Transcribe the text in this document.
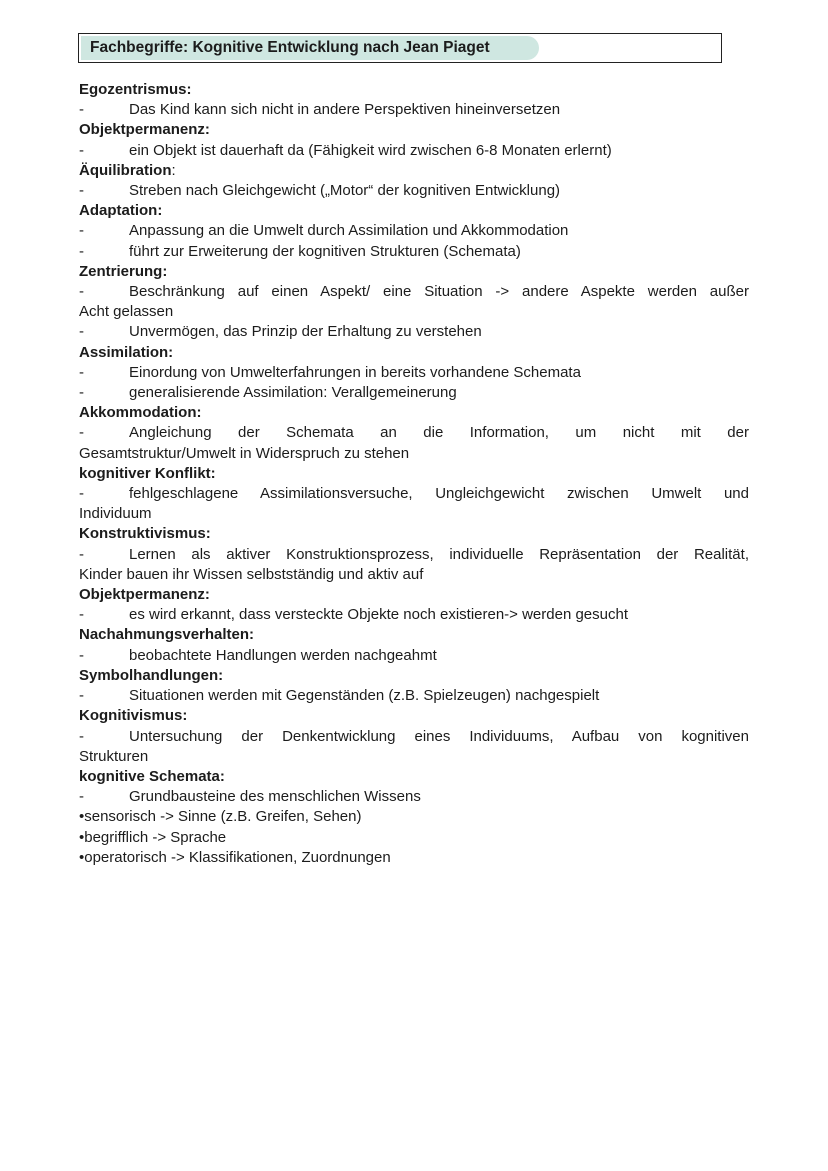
Fachbegriffe: Kognitive Entwicklung nach Jean Piaget
Egozentrismus:
-	Das Kind kann sich nicht in andere Perspektiven hineinversetzen
Objektpermanenz:
-	ein Objekt ist dauerhaft da (Fähigkeit wird zwischen 6-8 Monaten erlernt)
Äquilibration:
-	Streben nach Gleichgewicht („Motor“ der kognitiven Entwicklung)
Adaptation:
-	Anpassung an die Umwelt durch Assimilation und Akkommodation
-	führt zur Erweiterung der kognitiven Strukturen (Schemata)
Zentrierung:
-	Beschränkung auf einen Aspekt/ eine Situation -> andere Aspekte werden außer
Acht gelassen
-	Unvermögen, das Prinzip der Erhaltung zu verstehen
Assimilation:
-	Einordung von Umwelterfahrungen in bereits vorhandene Schemata
-	generalisierende Assimilation: Verallgemeinerung
Akkommodation:
-	Angleichung der Schemata an die Information, um nicht mit der
Gesamtstruktur/Umwelt in Widerspruch zu stehen
kognitiver Konflikt:
-	fehlgeschlagene Assimilationsversuche, Ungleichgewicht zwischen Umwelt und
Individuum
Konstruktivismus:
-	Lernen als aktiver Konstruktionsprozess, individuelle Repräsentation der Realität,
Kinder bauen ihr Wissen selbstständig und aktiv auf
Objektpermanenz:
-	es wird erkannt, dass versteckte Objekte noch existieren-> werden gesucht
Nachahmungsverhalten:
-	beobachtete Handlungen werden nachgeahmt
Symbolhandlungen:
-	Situationen werden mit Gegenständen (z.B. Spielzeugen) nachgespielt
Kognitivismus:
-	Untersuchung der Denkentwicklung eines Individuums, Aufbau von kognitiven
Strukturen
kognitive Schemata:
-	Grundbausteine des menschlichen Wissens
•sensorisch -> Sinne (z.B. Greifen, Sehen)
•begrifflich -> Sprache
•operatorisch -> Klassifikationen, Zuordnungen
